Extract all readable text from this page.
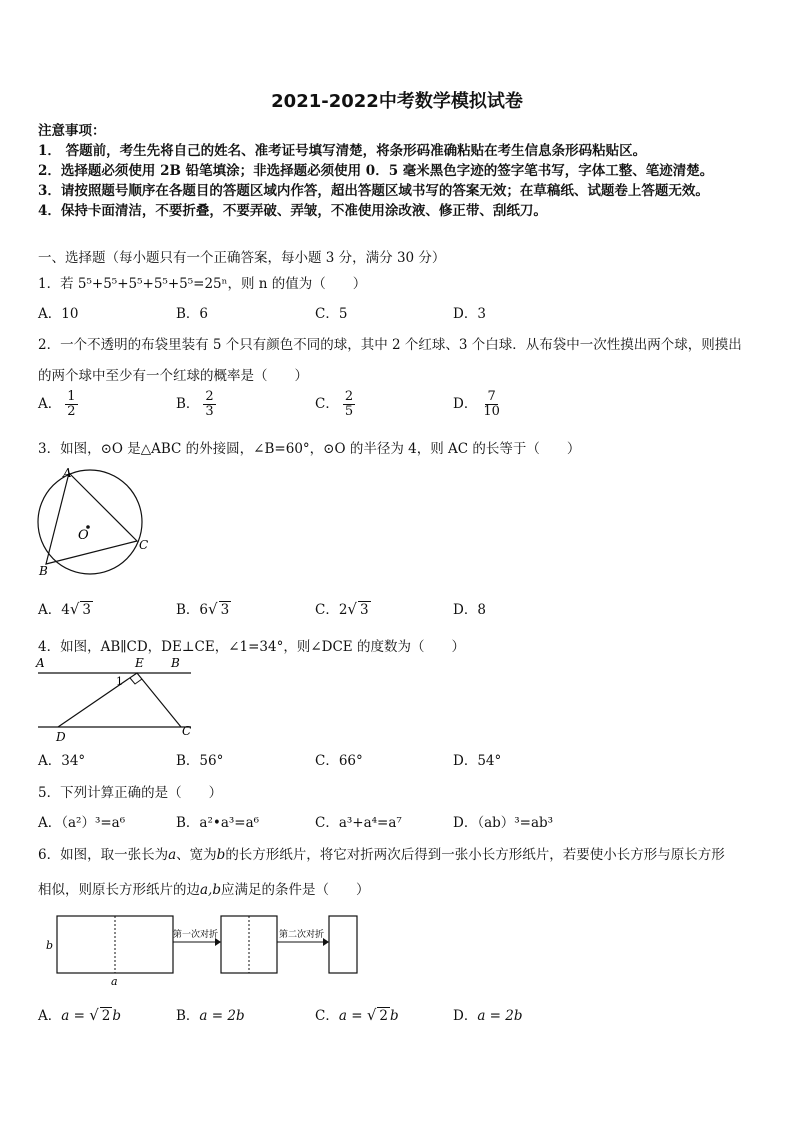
2021-2022中考数学模拟试卷
注意事项：
1． 答题前，考生先将自己的姓名、准考证号填写清楚，将条形码准确粘贴在考生信息条形码粘贴区。
2．选择题必须使用 2B 铅笔填涂；非选择题必须使用 0．5 毫米黑色字迹的签字笔书写，字体工整、笔迹清楚。
3．请按照题号顺序在各题目的答题区域内作答，超出答题区域书写的答案无效；在草稿纸、试题卷上答题无效。
4．保持卡面清洁，不要折叠，不要弄破、弄皱，不准使用涂改液、修正带、刮纸刀。
一、选择题（每小题只有一个正确答案，每小题 3 分，满分 30 分）
1．若 5⁵+5⁵+5⁵+5⁵+5⁵=25ⁿ，则 n 的值为（　　）
A．10	B．6	C．5	D．3
2．一个不透明的布袋里装有 5 个只有颜色不同的球，其中 2 个红球、3 个白球．从布袋中一次性摸出两个球，则摸出
的两个球中至少有一个红球的概率是（　　）
A． $\frac{1}{2}$	B． $\frac{2}{3}$	C． $\frac{2}{5}$	D． $\frac{7}{10}$
3．如图，⊙O 是△ABC 的外接圆，∠B=60°，⊙O 的半径为 4，则 AC 的长等于（　　）
A
B
C
O
A．4√ 3	B．6√ 3	C．2√ 3	D．8
4．如图，AB∥CD，DE⊥CE，∠1=34°，则∠DCE 的度数为（　　）
A	E B
1
D	C
A．34°	B．56°	C．66°	D．54°
5．下列计算正确的是（　　）
A．（a²）³=a⁶	B．a²•a³=a⁶	C．a³+a⁴=a⁷	D．（ab）³=ab³
6．如图，取一张长为a、宽为b的长方形纸片，将它对折两次后得到一张小长方形纸片，若要使小长方形与原长方形
相似，则原长方形纸片的边a,b应满足的条件是（　　）
b
a
第一次对折	第二次对折
A．a = √ 2 b	B．a = 2b	C．a = √ 2 b	D．a = 2b
